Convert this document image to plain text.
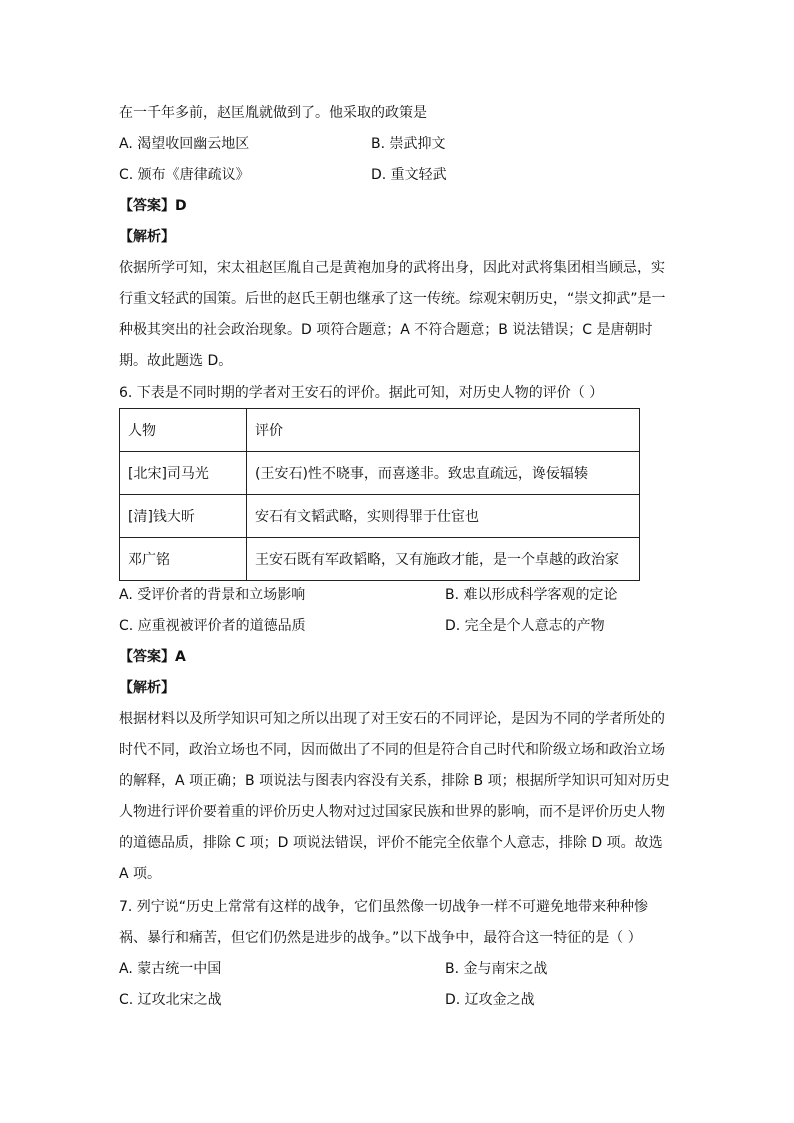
在一千年多前，赵匡胤就做到了。他采取的政策是
A. 渴望收回幽云地区	B. 崇武抑文
C. 颁布《唐律疏议》	D. 重文轻武
【答案】D
【解析】
依据所学可知，宋太祖赵匡胤自己是黄袍加身的武将出身，因此对武将集团相当顾忌，实
行重文轻武的国策。后世的赵氏王朝也继承了这一传统。综观宋朝历史，“崇文抑武”是一
种极其突出的社会政治现象。D 项符合题意；A 不符合题意；B 说法错误；C 是唐朝时
期。故此题选 D。
6. 下表是不同时期的学者对王安石的评价。据此可知，对历史人物的评价（ ）
人物	评价
[北宋]司马光	(王安石)性不晓事，而喜遂非。致忠直疏远，谗佞辐辏
[清]钱大昕	安石有文韬武略，实则得罪于仕宦也
邓广铭	王安石既有军政韬略，又有施政才能，是一个卓越的政治家
A. 受评价者的背景和立场影响	B. 难以形成科学客观的定论
C. 应重视被评价者的道德品质	D. 完全是个人意志的产物
【答案】A
【解析】
根据材料以及所学知识可知之所以出现了对王安石的不同评论，是因为不同的学者所处的
时代不同，政治立场也不同，因而做出了不同的但是符合自己时代和阶级立场和政治立场
的解释，A 项正确；B 项说法与图表内容没有关系，排除 B 项；根据所学知识可知对历史
人物进行评价要着重的评价历史人物对过过国家民族和世界的影响，而不是评价历史人物
的道德品质，排除 C 项；D 项说法错误，评价不能完全依靠个人意志，排除 D 项。故选
A 项。
7. 列宁说“历史上常常有这样的战争，它们虽然像一切战争一样不可避免地带来种种惨
祸、暴行和痛苦，但它们仍然是进步的战争。”以下战争中，最符合这一特征的是（ ）
A. 蒙古统一中国	B. 金与南宋之战
C. 辽攻北宋之战	D. 辽攻金之战
